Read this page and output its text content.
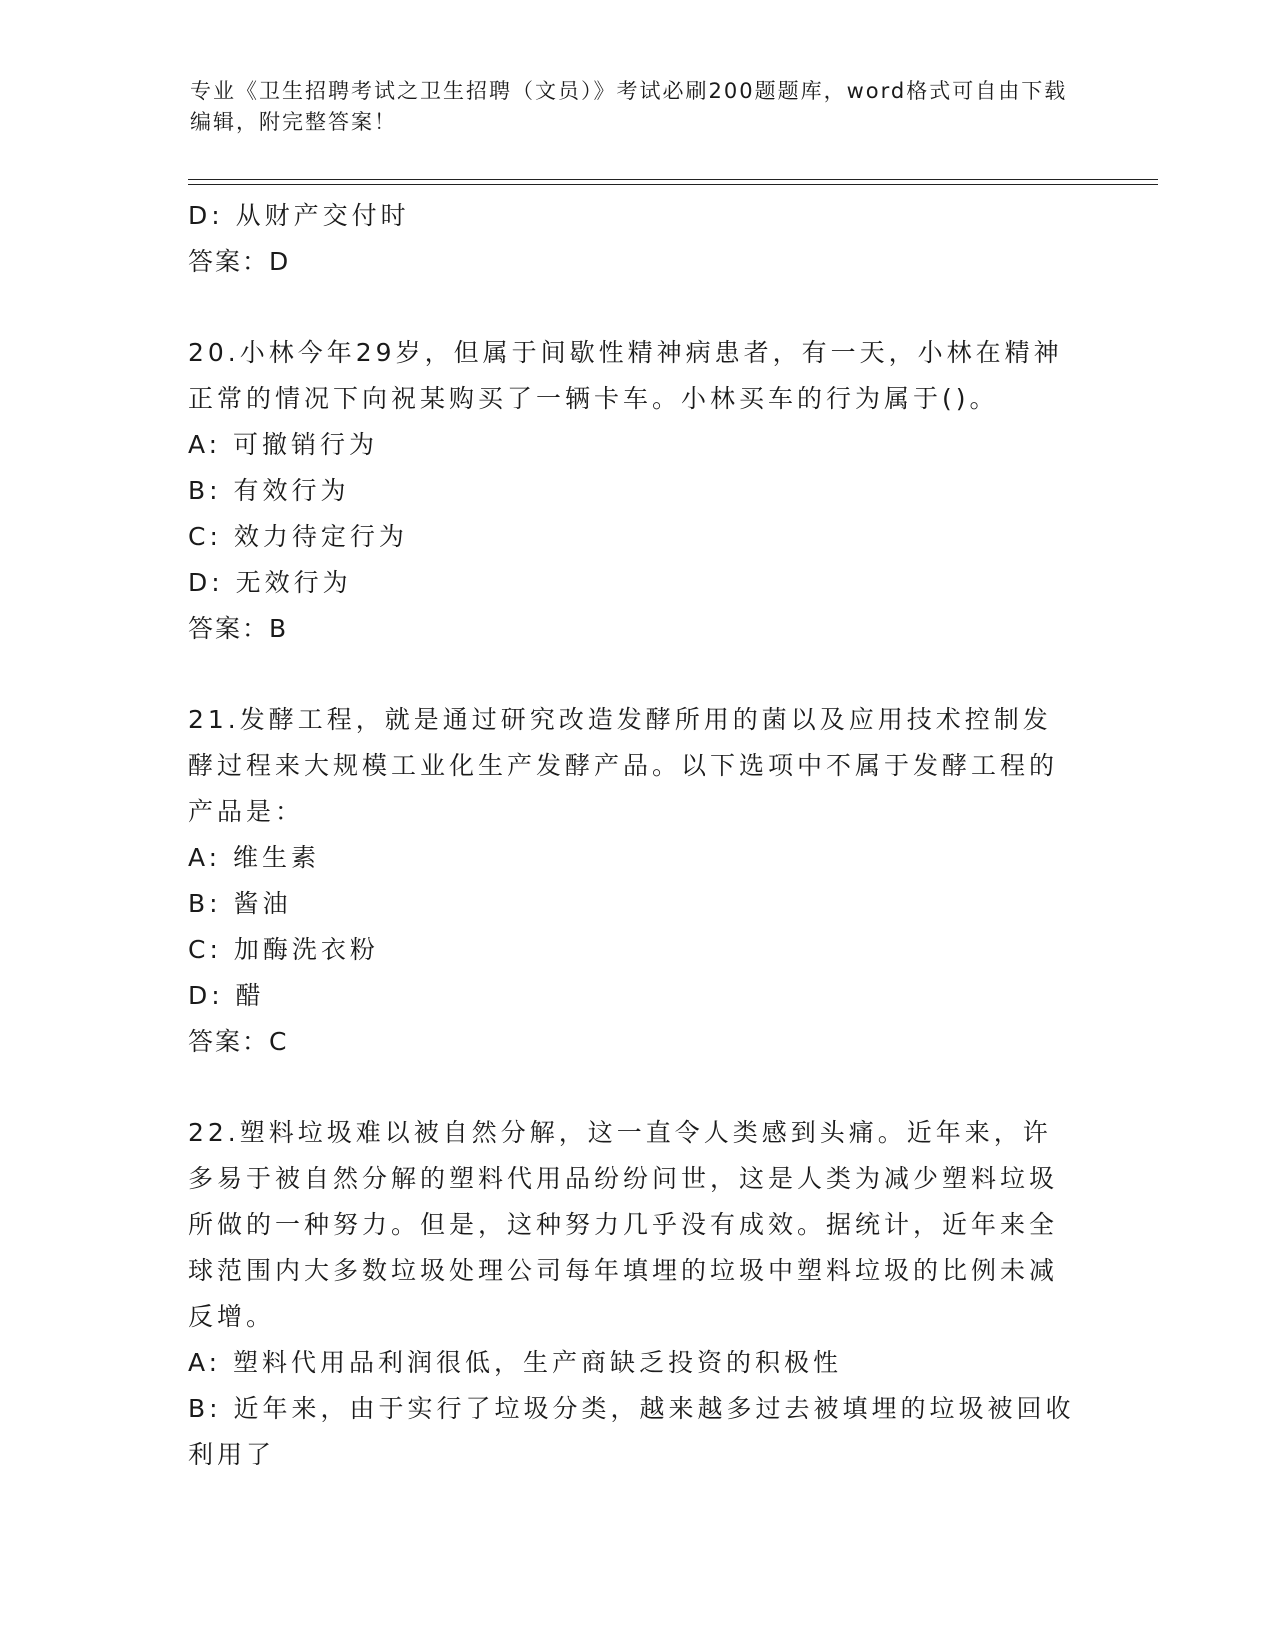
专业《卫生招聘考试之卫生招聘（文员）》考试必刷200题题库，word格式可自由下载编辑，附完整答案！
D: 从财产交付时
答案：D
20.小林今年29岁，但属于间歇性精神病患者，有一天，小林在精神正常的情况下向祝某购买了一辆卡车。小林买车的行为属于()。
A: 可撤销行为
B: 有效行为
C: 效力待定行为
D: 无效行为
答案：B
21.发酵工程，就是通过研究改造发酵所用的菌以及应用技术控制发酵过程来大规模工业化生产发酵产品。以下选项中不属于发酵工程的产品是：
A: 维生素
B: 酱油
C: 加酶洗衣粉
D: 醋
答案：C
22.塑料垃圾难以被自然分解，这一直令人类感到头痛。近年来，许多易于被自然分解的塑料代用品纷纷问世，这是人类为减少塑料垃圾所做的一种努力。但是，这种努力几乎没有成效。据统计，近年来全球范围内大多数垃圾处理公司每年填埋的垃圾中塑料垃圾的比例未减反增。
A: 塑料代用品利润很低，生产商缺乏投资的积极性
B: 近年来，由于实行了垃圾分类，越来越多过去被填埋的垃圾被回收利用了
